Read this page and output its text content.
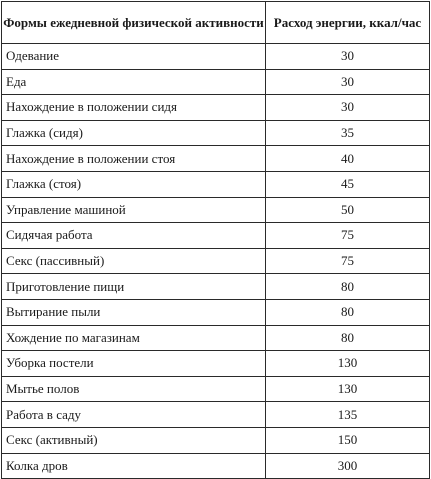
Формы ежедневной физической активности	Расход энергии, ккал/час
Одевание	30
Еда	30
Нахождение в положении сидя	30
Глажка (сидя)	35
Нахождение в положении стоя	40
Глажка (стоя)	45
Управление машиной	50
Сидячая работа	75
Секс (пассивный)	75
Приготовление пищи	80
Вытирание пыли	80
Хождение по магазинам	80
Уборка постели	130
Мытье полов	130
Работа в саду	135
Секс (активный)	150
Колка дров	300
